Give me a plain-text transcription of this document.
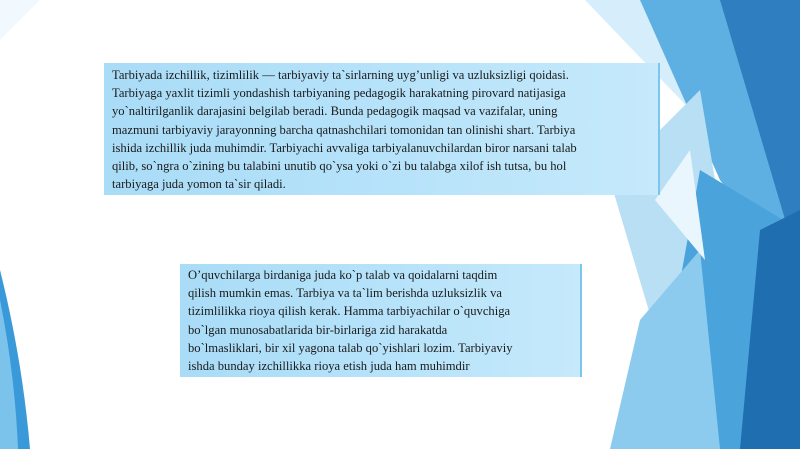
Tarbiyada izchillik, tizimlilik — tarbiyaviy ta`sirlarning uyg’unligi va uzluksizligi qoidasi.
Tarbiyaga yaxlit tizimli yondashish tarbiyaning pedagogik harakatning pirovard natijasiga
yo`naltirilganlik darajasini belgilab beradi. Bunda pedagogik maqsad va vazifalar, uning
mazmuni tarbiyaviy jarayonning barcha qatnashchilari tomonidan tan olinishi shart. Tarbiya
ishida izchillik juda muhimdir. Tarbiyachi avvaliga tarbiyalanuvchilardan biror narsani talab
qilib, so`ngra o`zining bu talabini unutib qo`ysa yoki o`zi bu talabga xilof ish tutsa, bu hol
tarbiyaga juda yomon ta`sir qiladi.
O’quvchilarga birdaniga juda ko`p talab va qoidalarni taqdim
qilish mumkin emas. Tarbiya va ta`lim berishda uzluksizlik va
tizimlilikka rioya qilish kerak. Hamma tarbiyachilar o`quvchiga
bo`lgan munosabatlarida bir-birlariga zid harakatda
bo`lmasliklari, bir xil yagona talab qo`yishlari lozim. Tarbiyaviy
ishda bunday izchillikka rioya etish juda ham muhimdir
